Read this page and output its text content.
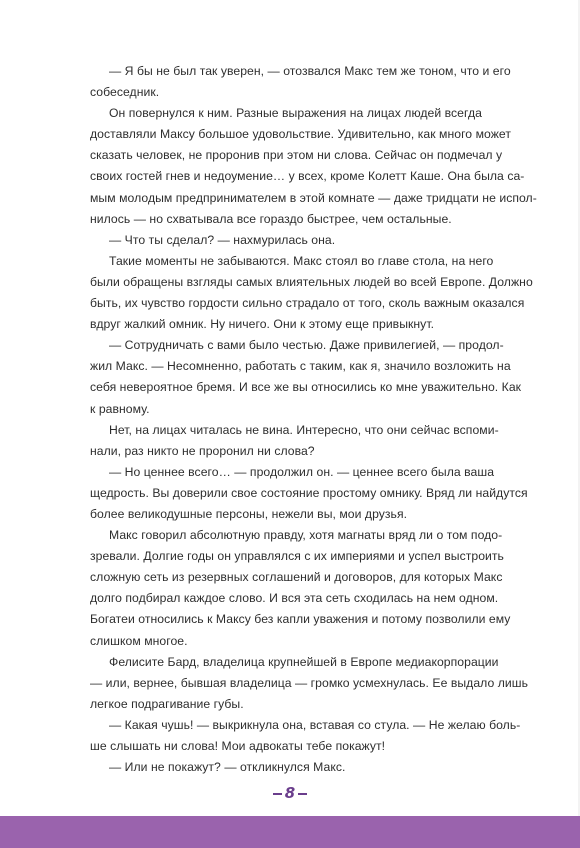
— Я бы не был так уверен, — отозвался Макс тем же тоном, что и его
собеседник.
Он повернулся к ним. Разные выражения на лицах людей всегда
доставляли Максу большое удовольствие. Удивительно, как много может
сказать человек, не проронив при этом ни слова. Сейчас он подмечал у
своих гостей гнев и недоумение… у всех, кроме Колетт Каше. Она была са-
мым молодым предпринимателем в этой комнате — даже тридцати не испол-
нилось — но схватывала все гораздо быстрее, чем остальные.
— Что ты сделал? — нахмурилась она.
Такие моменты не забываются. Макс стоял во главе стола, на него
были обращены взгляды самых влиятельных людей во всей Европе. Должно
быть, их чувство гордости сильно страдало от того, сколь важным оказался
вдруг жалкий омник. Ну ничего. Они к этому еще привыкнут.
— Сотрудничать с вами было честью. Даже привилегией, — продол-
жил Макс. — Несомненно, работать с таким, как я, значило возложить на
себя невероятное бремя. И все же вы относились ко мне уважительно. Как
к равному.
Нет, на лицах читалась не вина. Интересно, что они сейчас вспоми-
нали, раз никто не проронил ни слова?
— Но ценнее всего… — продолжил он. — ценнее всего была ваша
щедрость. Вы доверили свое состояние простому омнику. Вряд ли найдутся
более великодушные персоны, нежели вы, мои друзья.
Макс говорил абсолютную правду, хотя магнаты вряд ли о том подо-
зревали. Долгие годы он управлялся с их империями и успел выстроить
сложную сеть из резервных соглашений и договоров, для которых Макс
долго подбирал каждое слово. И вся эта сеть сходилась на нем одном.
Богатеи относились к Максу без капли уважения и потому позволили ему
слишком многое.
Фелисите Бард, владелица крупнейшей в Европе медиакорпорации
— или, вернее, бывшая владелица — громко усмехнулась. Ее выдало лишь
легкое подрагивание губы.
— Какая чушь! — выкрикнула она, вставая со стула. — Не желаю боль-
ше слышать ни слова! Мои адвокаты тебе покажут!
— Или не покажут? — откликнулся Макс.
8
